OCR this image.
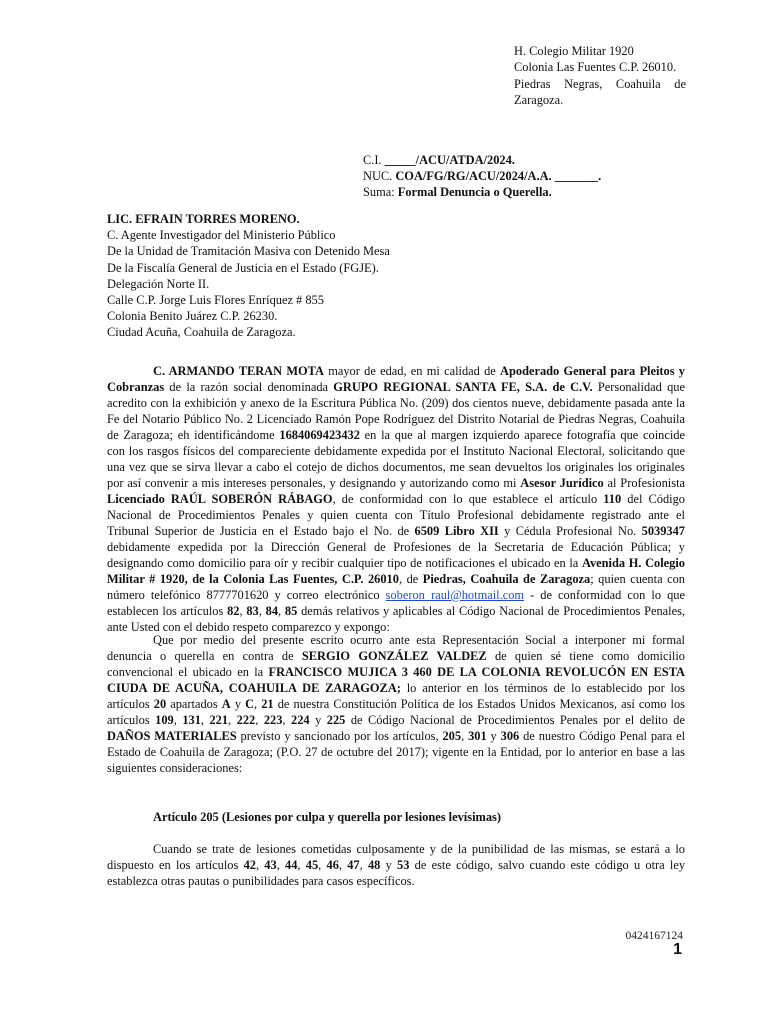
H. Colegio Militar 1920
Colonia Las Fuentes C.P. 26010.
Piedras Negras, Coahuila de
Zaragoza.
C.I. _____/ACU/ATDA/2024.
NUC. COA/FG/RG/ACU/2024/A.A. _______.
Suma: Formal Denuncia o Querella.
LIC. EFRAIN TORRES MORENO.
C. Agente Investigador del Ministerio Público
De la Unidad de Tramitación Masiva con Detenido Mesa
De la Fiscalía General de Justicia en el Estado (FGJE).
Delegación Norte II.
Calle C.P. Jorge Luis Flores Enríquez # 855
Colonia Benito Juárez C.P. 26230.
Ciudad Acuña, Coahuila de Zaragoza.
C. ARMANDO TERAN MOTA mayor de edad, en mi calidad de Apoderado General para Pleitos y
Cobranzas de la razón social denominada GRUPO REGIONAL SANTA FE, S.A. de C.V. Personalidad que
acredito con la exhibición y anexo de la Escritura Pública No. (209) dos cientos nueve, debidamente pasada ante la
Fe del Notario Público No. 2 Licenciado Ramón Pope Rodríguez del Distrito Notarial de Piedras Negras, Coahuila
de Zaragoza; eh identificándome 1684069423432 en la que al margen izquierdo aparece fotografía que coincide
con los rasgos físicos del compareciente debidamente expedida por el Instituto Nacional Electoral, solicitando que
una vez que se sirva llevar a cabo el cotejo de dichos documentos, me sean devueltos los originales los originales
por así convenir a mis intereses personales, y designando y autorizando como mi Asesor Jurídico al Profesionista
Licenciado RAÚL SOBERÓN RÁBAGO, de conformidad con lo que establece el artículo 110 del Código
Nacional de Procedimientos Penales y quien cuenta con Título Profesional debidamente registrado ante el
Tribunal Superior de Justicia en el Estado bajo el No. de 6509 Libro XII y Cédula Profesional No. 5039347
debidamente expedida por la Dirección General de Profesiones de la Secretaria de Educación Pública; y
designando como domicilio para oír y recibir cualquier tipo de notificaciones el ubicado en la Avenida H. Colegio
Militar # 1920, de la Colonia Las Fuentes, C.P. 26010, de Piedras, Coahuila de Zaragoza; quien cuenta con
número telefónico 8777701620 y correo electrónico soberon_raul@hotmail.com - de conformidad con lo que
establecen los artículos 82, 83, 84, 85 demás relativos y aplicables al Código Nacional de Procedimientos Penales,
ante Usted con el debido respeto comparezco y expongo:
Que por medio del presente escrito ocurro ante esta Representación Social a interponer mi formal
denuncia o querella en contra de SERGIO GONZÁLEZ VALDEZ de quien sé tiene como domicilio
convencional el ubicado en la FRANCISCO MUJICA 3 460 DE LA COLONIA REVOLUCÓN EN ESTA
CIUDA DE ACUÑA, COAHUILA DE ZARAGOZA; lo anterior en los términos de lo establecido por los
artículos 20 apartados A y C, 21 de nuestra Constitución Política de los Estados Unidos Mexicanos, así como los
artículos 109, 131, 221, 222, 223, 224 y 225 de Código Nacional de Procedimientos Penales por el delito de
DAÑOS MATERIALES previsto y sancionado por los artículos, 205, 301 y 306 de nuestro Código Penal para el
Estado de Coahuila de Zaragoza; (P.O. 27 de octubre del 2017); vigente en la Entidad, por lo anterior en base a las
siguientes consideraciones:
Artículo 205 (Lesiones por culpa y querella por lesiones levísimas)
Cuando se trate de lesiones cometidas culposamente y de la punibilidad de las mismas, se estará a lo
dispuesto en los artículos 42, 43, 44, 45, 46, 47, 48 y 53 de este código, salvo cuando este código u otra ley
establezca otras pautas o punibilidades para casos específicos.
0424167124
1
